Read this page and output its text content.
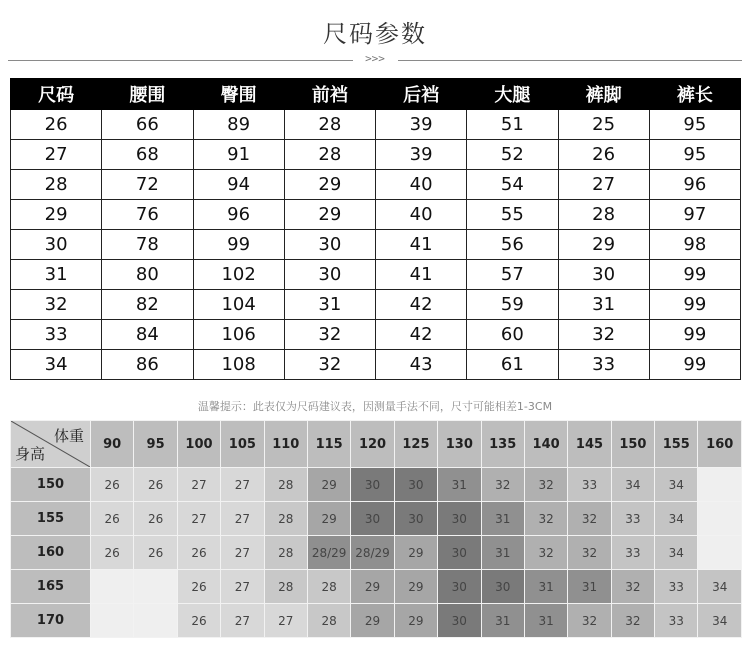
尺码参数
>>>
尺码	腰围	臀围	前裆	后裆	大腿	裤脚	裤长
26	66	89	28	39	51	25	95
27	68	91	28	39	52	26	95
28	72	94	29	40	54	27	96
29	76	96	29	40	55	28	97
30	78	99	30	41	56	29	98
31	80	102	30	41	57	30	99
32	82	104	31	42	59	31	99
33	84	106	32	42	60	32	99
34	86	108	32	43	61	33	99
温馨提示：此表仅为尺码建议表，因测量手法不同，尺寸可能相差1-3CM
体重
身高	90	95	100	105	110	115	120	125	130	135	140	145	150	155	160
150	26	26	27	27	28	29	30	30	31	32	32	33	34	34	
155	26	26	27	27	28	29	30	30	30	31	32	32	33	34	
160	26	26	26	27	28	28/29	28/29	29	30	31	32	32	33	34	
165			26	27	28	28	29	29	30	30	31	31	32	33	34
170			26	27	27	28	29	29	30	31	31	32	32	33	34
